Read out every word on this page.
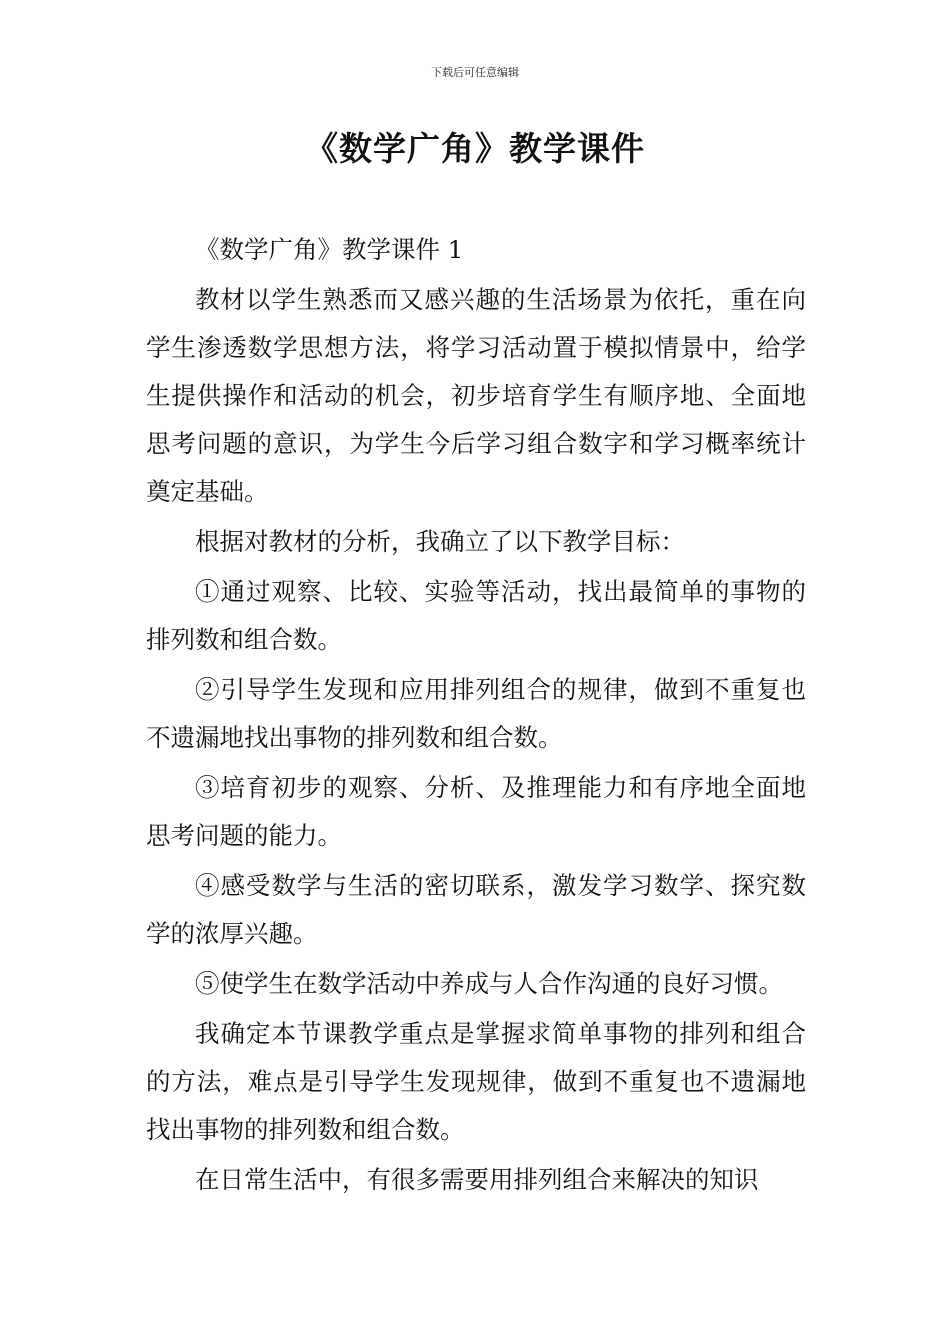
下载后可任意编辑
《数学广角》教学课件

《数学广角》教学课件 1

教材以学生熟悉而又感兴趣的生活场景为依托，重在向学生渗透数学思想方法，将学习活动置于模拟情景中，给学生提供操作和活动的机会，初步培育学生有顺序地、全面地思考问题的意识，为学生今后学习组合数字和学习概率统计奠定基础。

根据对教材的分析，我确立了以下教学目标：

①通过观察、比较、实验等活动，找出最简单的事物的排列数和组合数。

②引导学生发现和应用排列组合的规律，做到不重复也不遗漏地找出事物的排列数和组合数。

③培育初步的观察、分析、及推理能力和有序地全面地思考问题的能力。

④感受数学与生活的密切联系，激发学习数学、探究数学的浓厚兴趣。

⑤使学生在数学活动中养成与人合作沟通的良好习惯。

我确定本节课教学重点是掌握求简单事物的排列和组合的方法，难点是引导学生发现规律，做到不重复也不遗漏地找出事物的排列数和组合数。

在日常生活中，有很多需要用排列组合来解决的知识
